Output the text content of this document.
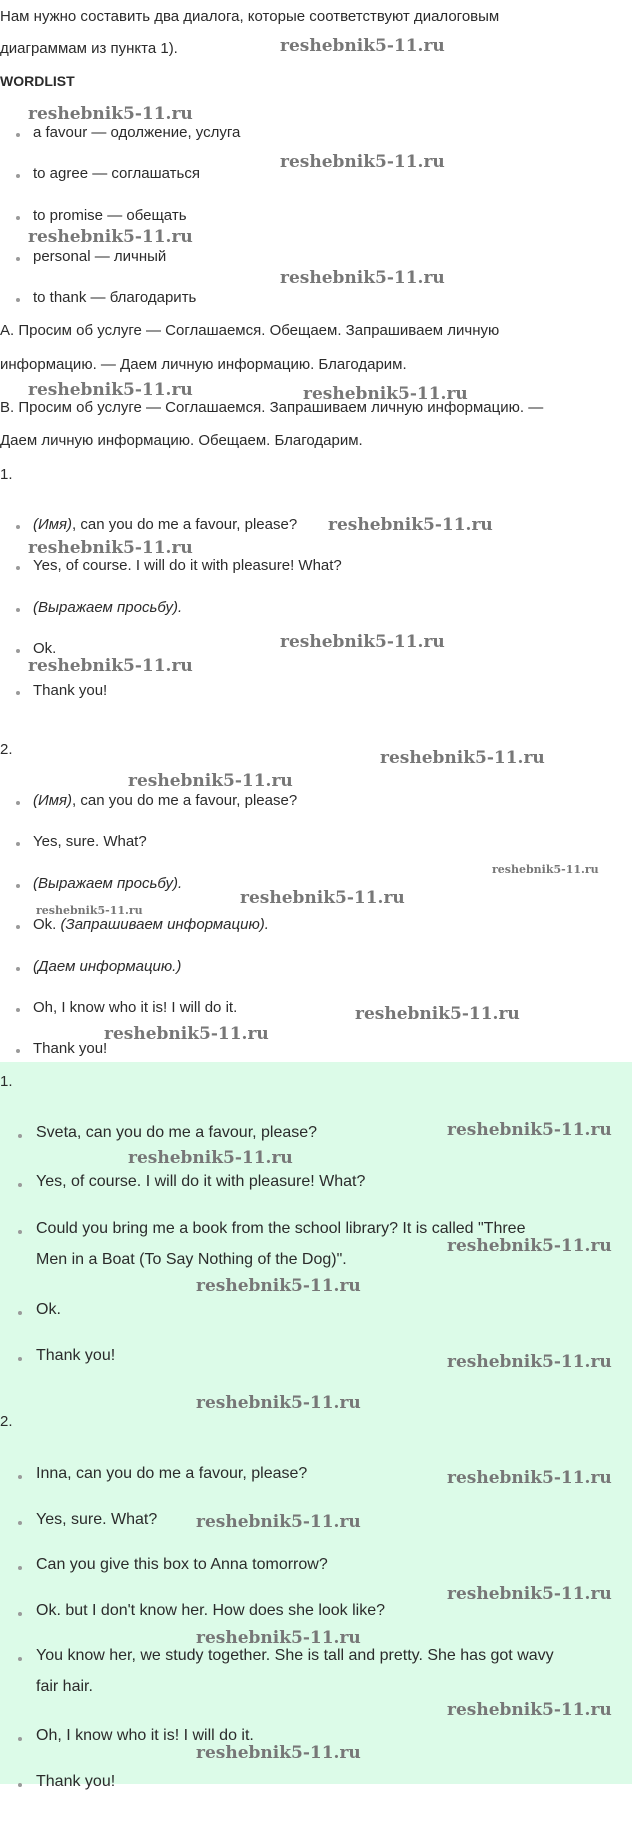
Нам нужно составить два диалога, которые соответствуют диалоговым
диаграммам из пункта 1).
WORDLIST
a favour — одолжение, услуга
to agree — соглашаться
to promise — обещать
personal — личный
to thank — благодарить
А. Просим об услуге — Соглашаемся. Обещаем. Запрашиваем личную
информацию. — Даем личную информацию. Благодарим.
B. Просим об услуге — Соглашаемся. Запрашиваем личную информацию. —
Даем личную информацию. Обещаем. Благодарим.
1.
(Имя), can you do me a favour, please?
Yes, of course. I will do it with pleasure! What?
(Выражаем просьбу).
Ok.
Thank you!
2.
(Имя), can you do me a favour, please?
Yes, sure. What?
(Выражаем просьбу).
Ok. (Запрашиваем информацию).
(Даем информацию.)
Oh, I know who it is! I will do it.
Thank you!
1.
Sveta, can you do me a favour, please?
Yes, of course. I will do it with pleasure! What?
Could you bring me a book from the school library? It is called "Three
Men in a Boat (To Say Nothing of the Dog)".
Ok.
Thank you!
2.
Inna, can you do me a favour, please?
Yes, sure. What?
Can you give this box to Anna tomorrow?
Ok. but I don't know her. How does she look like?
You know her, we study together. She is tall and pretty. She has got wavy
fair hair.
Oh, I know who it is! I will do it.
Thank you!
reshebnik5-11.ru
reshebnik5-11.ru
reshebnik5-11.ru
reshebnik5-11.ru
reshebnik5-11.ru
reshebnik5-11.ru	reshebnik5-11.ru
reshebnik5-11.ru
reshebnik5-11.ru
reshebnik5-11.ru
reshebnik5-11.ru
reshebnik5-11.ru
reshebnik5-11.ru
reshebnik5-11.ru
reshebnik5-11.ru
reshebnik5-11.ru
reshebnik5-11.ru
reshebnik5-11.ru
reshebnik5-11.ru
reshebnik5-11.ru
reshebnik5-11.ru
reshebnik5-11.ru
reshebnik5-11.ru
reshebnik5-11.ru
reshebnik5-11.ru
reshebnik5-11.ru
reshebnik5-11.ru
reshebnik5-11.ru
reshebnik5-11.ru
reshebnik5-11.ru
